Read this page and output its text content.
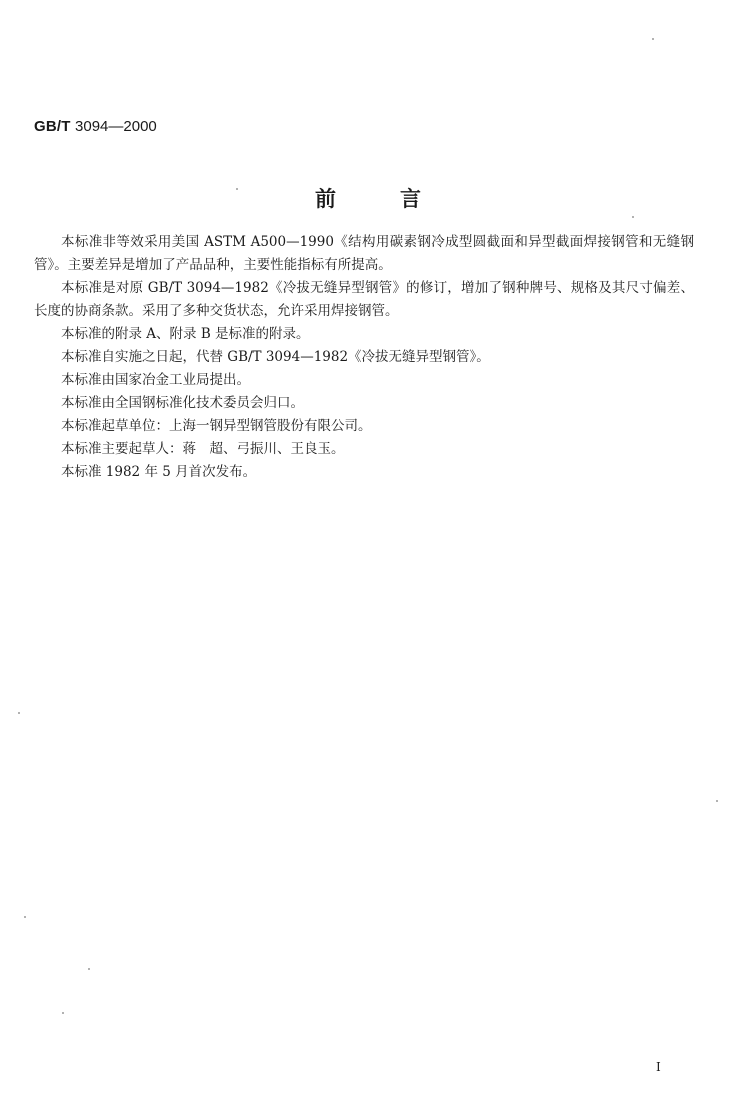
GB/T 3094—2000
前	言

本标准非等效采用美国 ASTM A500—1990《结构用碳素钢冷成型圆截面和异型截面焊接钢管和无缝钢管》。主要差异是增加了产品品种，主要性能指标有所提高。

本标准是对原 GB/T 3094—1982《冷拔无缝异型钢管》的修订，增加了钢种牌号、规格及其尺寸偏差、长度的协商条款。采用了多种交货状态，允许采用焊接钢管。

本标准的附录 A、附录 B 是标准的附录。

本标准自实施之日起，代替 GB/T 3094—1982《冷拔无缝异型钢管》。

本标准由国家冶金工业局提出。

本标准由全国钢标准化技术委员会归口。

本标准起草单位：上海一钢异型钢管股份有限公司。

本标准主要起草人：蒋　超、弓振川、王良玉。

本标准 1982 年 5 月首次发布。

I
